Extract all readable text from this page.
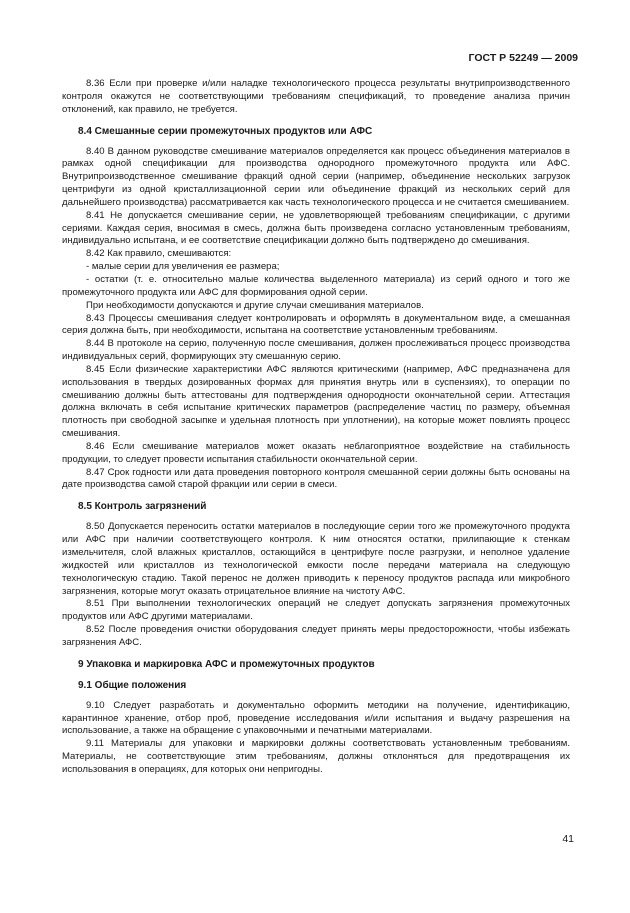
ГОСТ Р 52249 — 2009

8.36 Если при проверке и/или наладке технологического процесса результаты внутрипроизводственного контроля окажутся не соответствующими требованиям спецификаций, то проведение анализа причин отклонений, как правило, не требуется.

8.4 Смешанные серии промежуточных продуктов или АФС

8.40 В данном руководстве смешивание материалов определяется как процесс объединения материалов в рамках одной спецификации для производства однородного промежуточного продукта или АФС. Внутрипроизводственное смешивание фракций одной серии (например, объединение нескольких загрузок центрифуги из одной кристаллизационной серии или объединение фракций из нескольких серий для дальнейшего производства) рассматривается как часть технологического процесса и не считается смешиванием.

8.41 Не допускается смешивание серии, не удовлетворяющей требованиям спецификации, с другими сериями. Каждая серия, вносимая в смесь, должна быть произведена согласно установленным требованиям, индивидуально испытана, и ее соответствие спецификации должно быть подтверждено до смешивания.

8.42 Как правило, смешиваются:

- малые серии для увеличения ее размера;

- остатки (т. е. относительно малые количества выделенного материала) из серий одного и того же промежуточного продукта или АФС для формирования одной серии.

При необходимости допускаются и другие случаи смешивания материалов.

8.43 Процессы смешивания следует контролировать и оформлять в документальном виде, а смешанная серия должна быть, при необходимости, испытана на соответствие установленным требованиям.

8.44 В протоколе на серию, полученную после смешивания, должен прослеживаться процесс производства индивидуальных серий, формирующих эту смешанную серию.

8.45 Если физические характеристики АФС являются критическими (например, АФС предназначена для использования в твердых дозированных формах для принятия внутрь или в суспензиях), то операции по смешиванию должны быть аттестованы для подтверждения однородности окончательной серии. Аттестация должна включать в себя испытание критических параметров (распределение частиц по размеру, объемная плотность при свободной засыпке и удельная плотность при уплотнении), на которые может повлиять процесс смешивания.

8.46 Если смешивание материалов может оказать неблагоприятное воздействие на стабильность продукции, то следует провести испытания стабильности окончательной серии.

8.47 Срок годности или дата проведения повторного контроля смешанной серии должны быть основаны на дате производства самой старой фракции или серии в смеси.

8.5 Контроль загрязнений

8.50 Допускается переносить остатки материалов в последующие серии того же промежуточного продукта или АФС при наличии соответствующего контроля. К ним относятся остатки, прилипающие к стенкам измельчителя, слой влажных кристаллов, остающийся в центрифуге после разгрузки, и неполное удаление жидкостей или кристаллов из технологической емкости после передачи материала на следующую технологическую стадию. Такой перенос не должен приводить к переносу продуктов распада или микробного загрязнения, которые могут оказать отрицательное влияние на чистоту АФС.

8.51 При выполнении технологических операций не следует допускать загрязнения промежуточных продуктов или АФС другими материалами.

8.52 После проведения очистки оборудования следует принять меры предосторожности, чтобы избежать загрязнения АФС.

9 Упаковка и маркировка АФС и промежуточных продуктов
9.1 Общие положения

9.10 Следует разработать и документально оформить методики на получение, идентификацию, карантинное хранение, отбор проб, проведение исследования и/или испытания и выдачу разрешения на использование, а также на обращение с упаковочными и печатными материалами.

9.11 Материалы для упаковки и маркировки должны соответствовать установленным требованиям. Материалы, не соответствующие этим требованиям, должны отклоняться для предотвращения их использования в операциях, для которых они непригодны.

41
